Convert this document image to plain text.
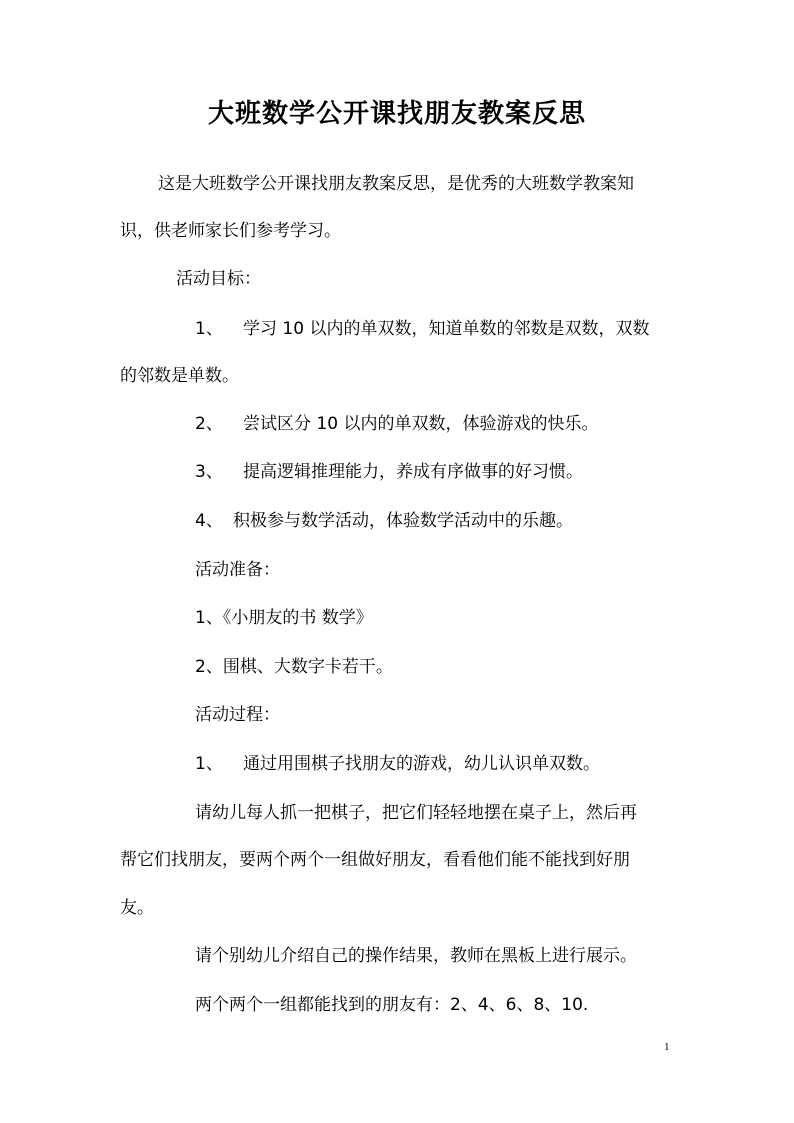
大班数学公开课找朋友教案反思
这是大班数学公开课找朋友教案反思，是优秀的大班数学教案知
识，供老师家长们参考学习。
活动目标：
1、 学习 10 以内的单双数，知道单数的邻数是双数，双数
的邻数是单数。
2、 尝试区分 10 以内的单双数，体验游戏的快乐。
3、 提高逻辑推理能力，养成有序做事的好习惯。
4、 积极参与数学活动，体验数学活动中的乐趣。
活动准备：
1、《小朋友的书 数学》
2、围棋、大数字卡若干。
活动过程：
1、 通过用围棋子找朋友的游戏，幼儿认识单双数。
请幼儿每人抓一把棋子，把它们轻轻地摆在桌子上，然后再
帮它们找朋友，要两个两个一组做好朋友，看看他们能不能找到好朋
友。
请个别幼儿介绍自己的操作结果，教师在黑板上进行展示。
两个两个一组都能找到的朋友有：2、4、6、8、10.
1
